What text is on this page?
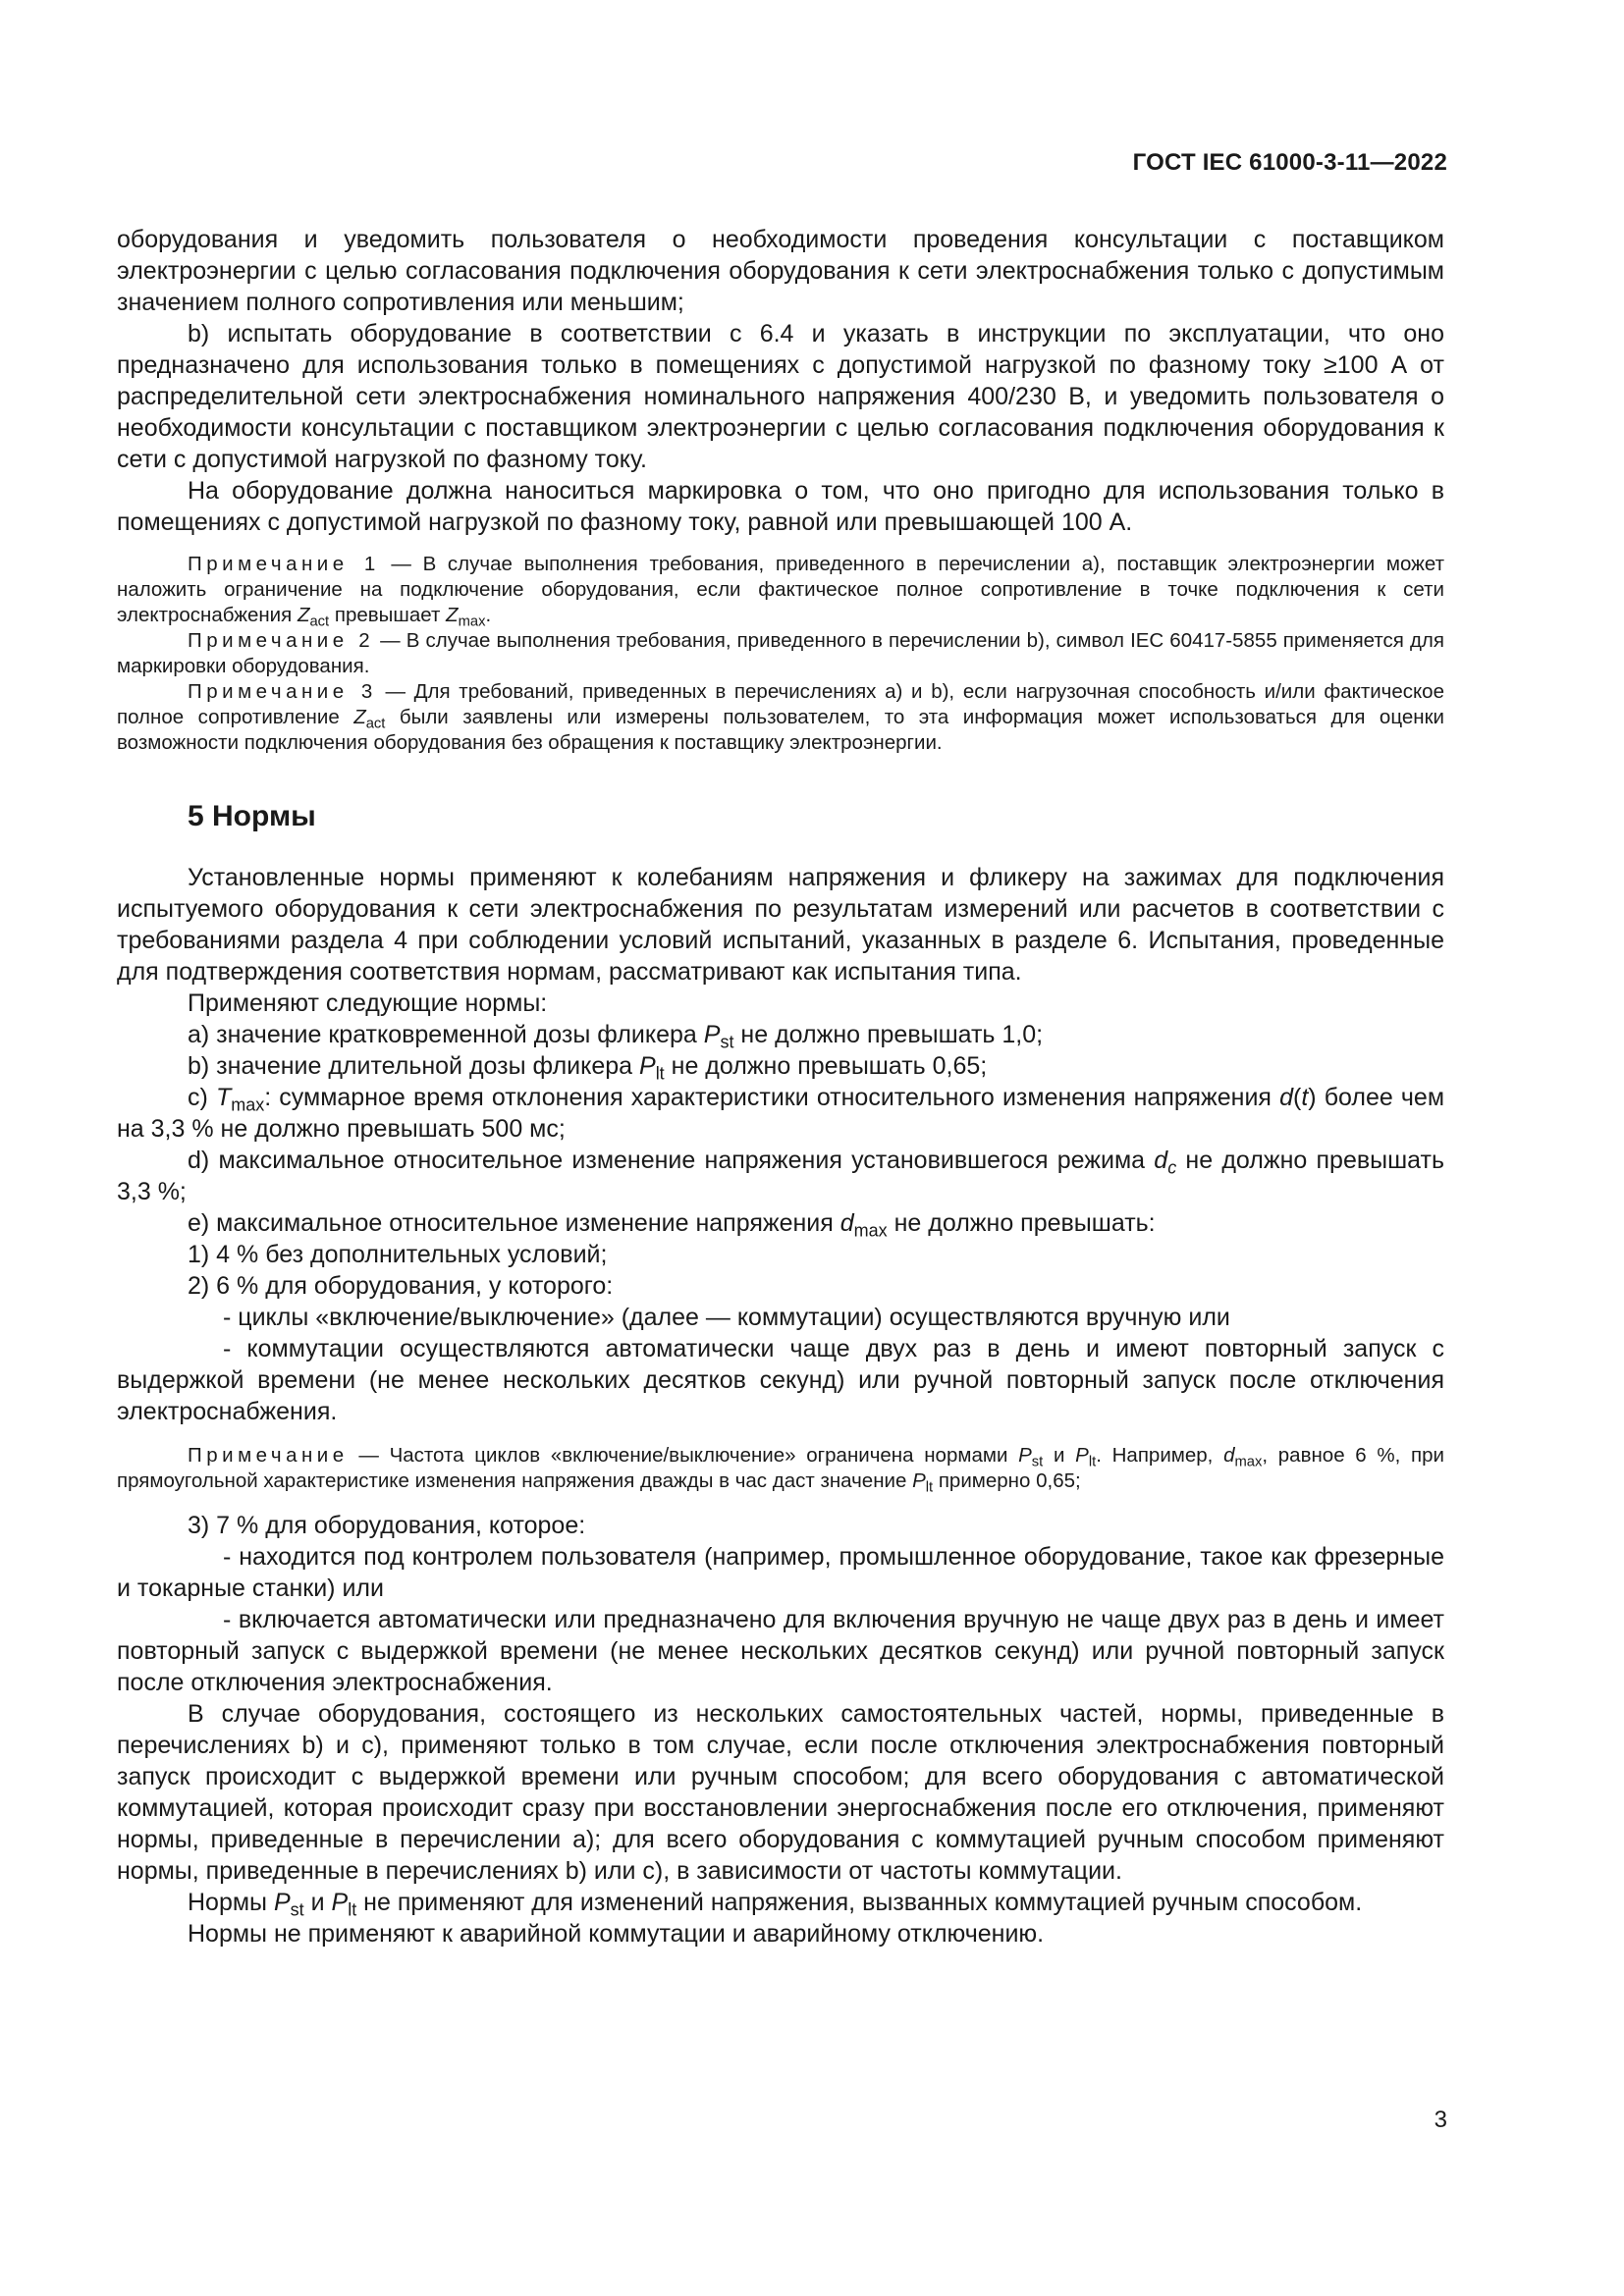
ГОСТ IEC 61000-3-11—2022

оборудования и уведомить пользователя о необходимости проведения консультации с поставщиком электроэнергии с целью согласования подключения оборудования к сети электроснабжения только с допустимым значением полного сопротивления или меньшим;

b) испытать оборудование в соответствии с 6.4 и указать в инструкции по эксплуатации, что оно предназначено для использования только в помещениях с допустимой нагрузкой по фазному току ≥100 А от распределительной сети электроснабжения номинального напряжения 400/230 В, и уведомить пользователя о необходимости консультации с поставщиком электроэнергии с целью согласования подключения оборудования к сети с допустимой нагрузкой по фазному току.

На оборудование должна наноситься маркировка о том, что оно пригодно для использования только в помещениях с допустимой нагрузкой по фазному току, равной или превышающей 100 А.

Примечание 1 — В случае выполнения требования, приведенного в перечислении а), поставщик электроэнергии может наложить ограничение на подключение оборудования, если фактическое полное сопротивление в точке подключения к сети электроснабжения $Z_{act}$ превышает $Z_{max}$.

Примечание 2 — В случае выполнения требования, приведенного в перечислении b), символ IEC 60417-5855 применяется для маркировки оборудования.

Примечание 3 — Для требований, приведенных в перечислениях а) и b), если нагрузочная способность и/или фактическое полное сопротивление $Z_{act}$ были заявлены или измерены пользователем, то эта информация может использоваться для оценки возможности подключения оборудования без обращения к поставщику электроэнергии.

5 Нормы

Установленные нормы применяют к колебаниям напряжения и фликеру на зажимах для подключения испытуемого оборудования к сети электроснабжения по результатам измерений или расчетов в соответствии с требованиями раздела 4 при соблюдении условий испытаний, указанных в разделе 6. Испытания, проведенные для подтверждения соответствия нормам, рассматривают как испытания типа.

Применяют следующие нормы:

а) значение кратковременной дозы фликера $P_{st}$ не должно превышать 1,0;

b) значение длительной дозы фликера $P_{lt}$ не должно превышать 0,65;

c) $T_{max}$: суммарное время отклонения характеристики относительного изменения напряжения d(t) более чем на 3,3 % не должно превышать 500 мс;

d) максимальное относительное изменение напряжения установившегося режима $d_c$ не должно превышать 3,3 %;

e) максимальное относительное изменение напряжения $d_{max}$ не должно превышать:

1) 4 % без дополнительных условий;

2) 6 % для оборудования, у которого:

- циклы «включение/выключение» (далее — коммутации) осуществляются вручную или

- коммутации осуществляются автоматически чаще двух раз в день и имеют повторный запуск с выдержкой времени (не менее нескольких десятков секунд) или ручной повторный запуск после отключения электроснабжения.

Примечание — Частота циклов «включение/выключение» ограничена нормами $P_{st}$ и $P_{lt}$. Например, $d_{max}$, равное 6 %, при прямоугольной характеристике изменения напряжения дважды в час даст значение $P_{lt}$ примерно 0,65;

3) 7 % для оборудования, которое:

- находится под контролем пользователя (например, промышленное оборудование, такое как фрезерные и токарные станки) или

- включается автоматически или предназначено для включения вручную не чаще двух раз в день и имеет повторный запуск с выдержкой времени (не менее нескольких десятков секунд) или ручной повторный запуск после отключения электроснабжения.

В случае оборудования, состоящего из нескольких самостоятельных частей, нормы, приведенные в перечислениях b) и c), применяют только в том случае, если после отключения электроснабжения повторный запуск происходит с выдержкой времени или ручным способом; для всего оборудования с автоматической коммутацией, которая происходит сразу при восстановлении энергоснабжения после его отключения, применяют нормы, приведенные в перечислении а); для всего оборудования с коммутацией ручным способом применяют нормы, приведенные в перечислениях b) или c), в зависимости от частоты коммутации.

Нормы $P_{st}$ и $P_{lt}$ не применяют для изменений напряжения, вызванных коммутацией ручным способом.

Нормы не применяют к аварийной коммутации и аварийному отключению.

3
